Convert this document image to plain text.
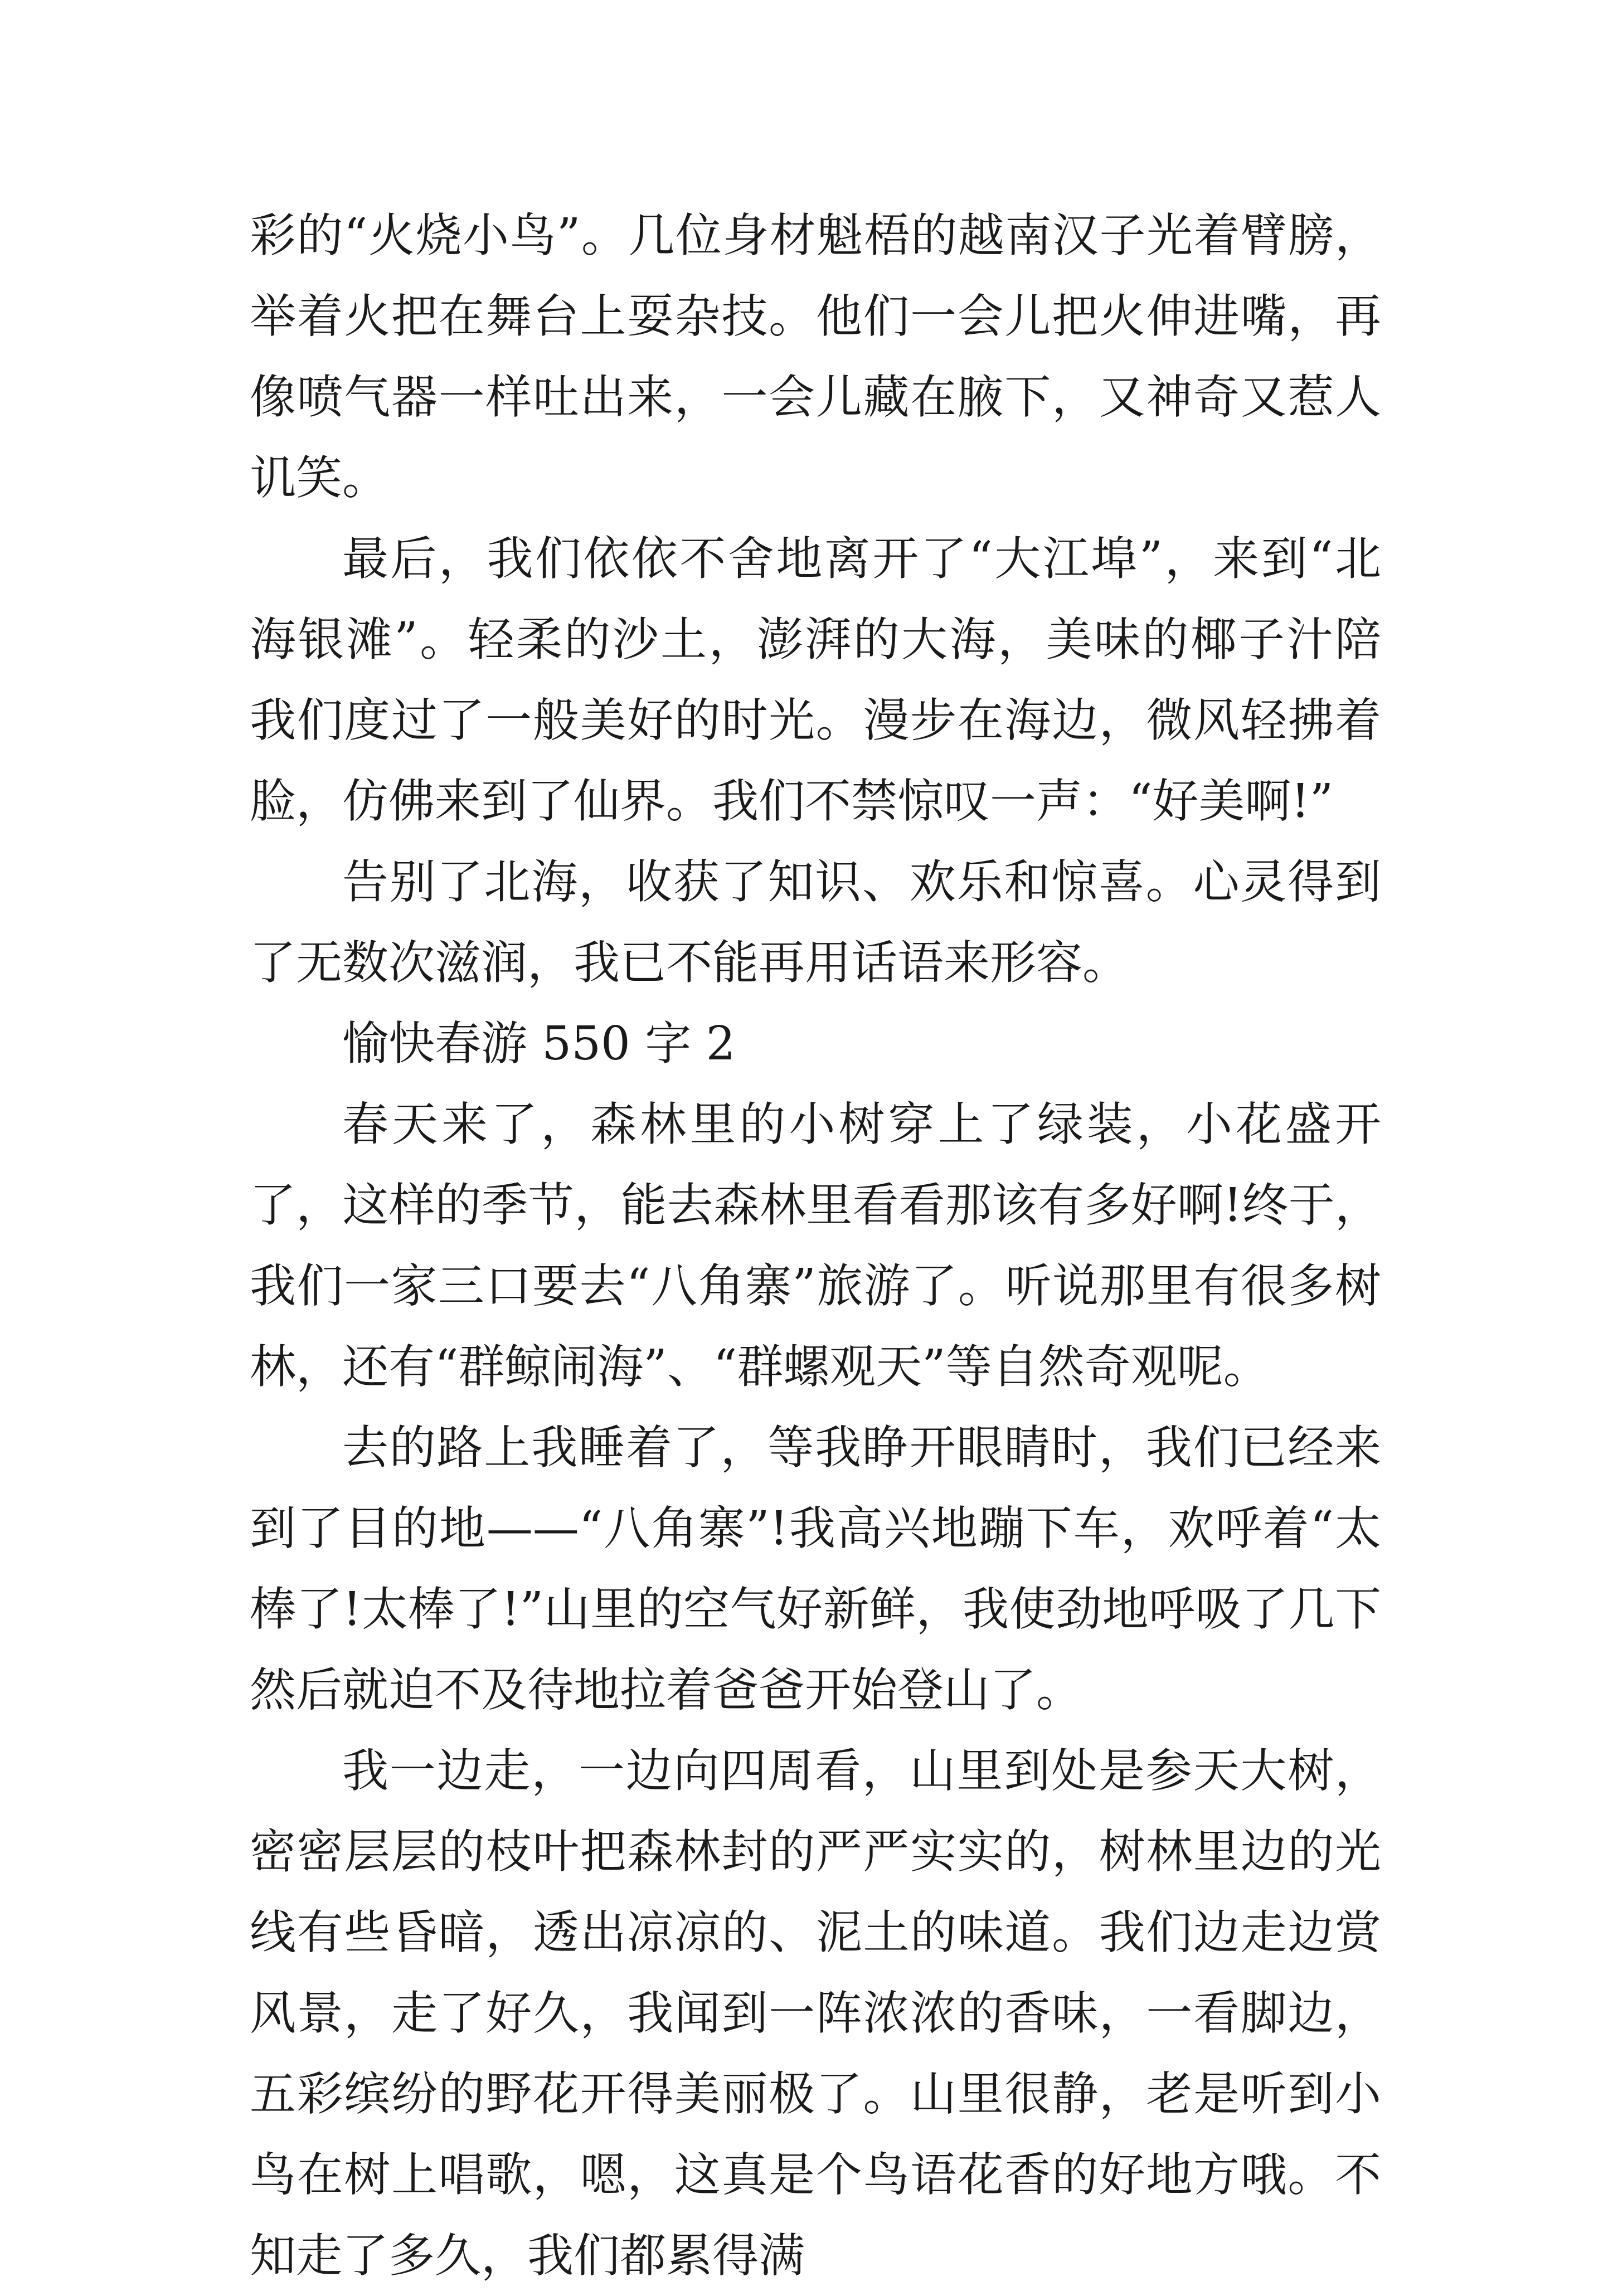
彩的“火烧小鸟”。几位身材魁梧的越南汉子光着臂膀，举着火把在舞台上耍杂技。他们一会儿把火伸进嘴，再像喷气器一样吐出来，一会儿藏在腋下，又神奇又惹人讥笑。

最后，我们依依不舍地离开了“大江埠”，来到“北海银滩”。轻柔的沙土，澎湃的大海，美味的椰子汁陪我们度过了一般美好的时光。漫步在海边，微风轻拂着脸，仿佛来到了仙界。我们不禁惊叹一声：“好美啊!”

告别了北海，收获了知识、欢乐和惊喜。心灵得到了无数次滋润，我已不能再用话语来形容。

愉快春游 550 字 2

春天来了，森林里的小树穿上了绿装，小花盛开了，这样的季节，能去森林里看看那该有多好啊!终于，我们一家三口要去“八角寨”旅游了。听说那里有很多树林，还有“群鲸闹海”、“群螺观天”等自然奇观呢。

去的路上我睡着了，等我睁开眼睛时，我们已经来到了目的地——“八角寨”!我高兴地蹦下车，欢呼着“太棒了!太棒了!”山里的空气好新鲜，我使劲地呼吸了几下然后就迫不及待地拉着爸爸开始登山了。

我一边走，一边向四周看，山里到处是参天大树，密密层层的枝叶把森林封的严严实实的，树林里边的光线有些昏暗，透出凉凉的、泥土的味道。我们边走边赏风景，走了好久，我闻到一阵浓浓的香味，一看脚边，五彩缤纷的野花开得美丽极了。山里很静，老是听到小鸟在树上唱歌，嗯，这真是个鸟语花香的好地方哦。不知走了多久，我们都累得满
